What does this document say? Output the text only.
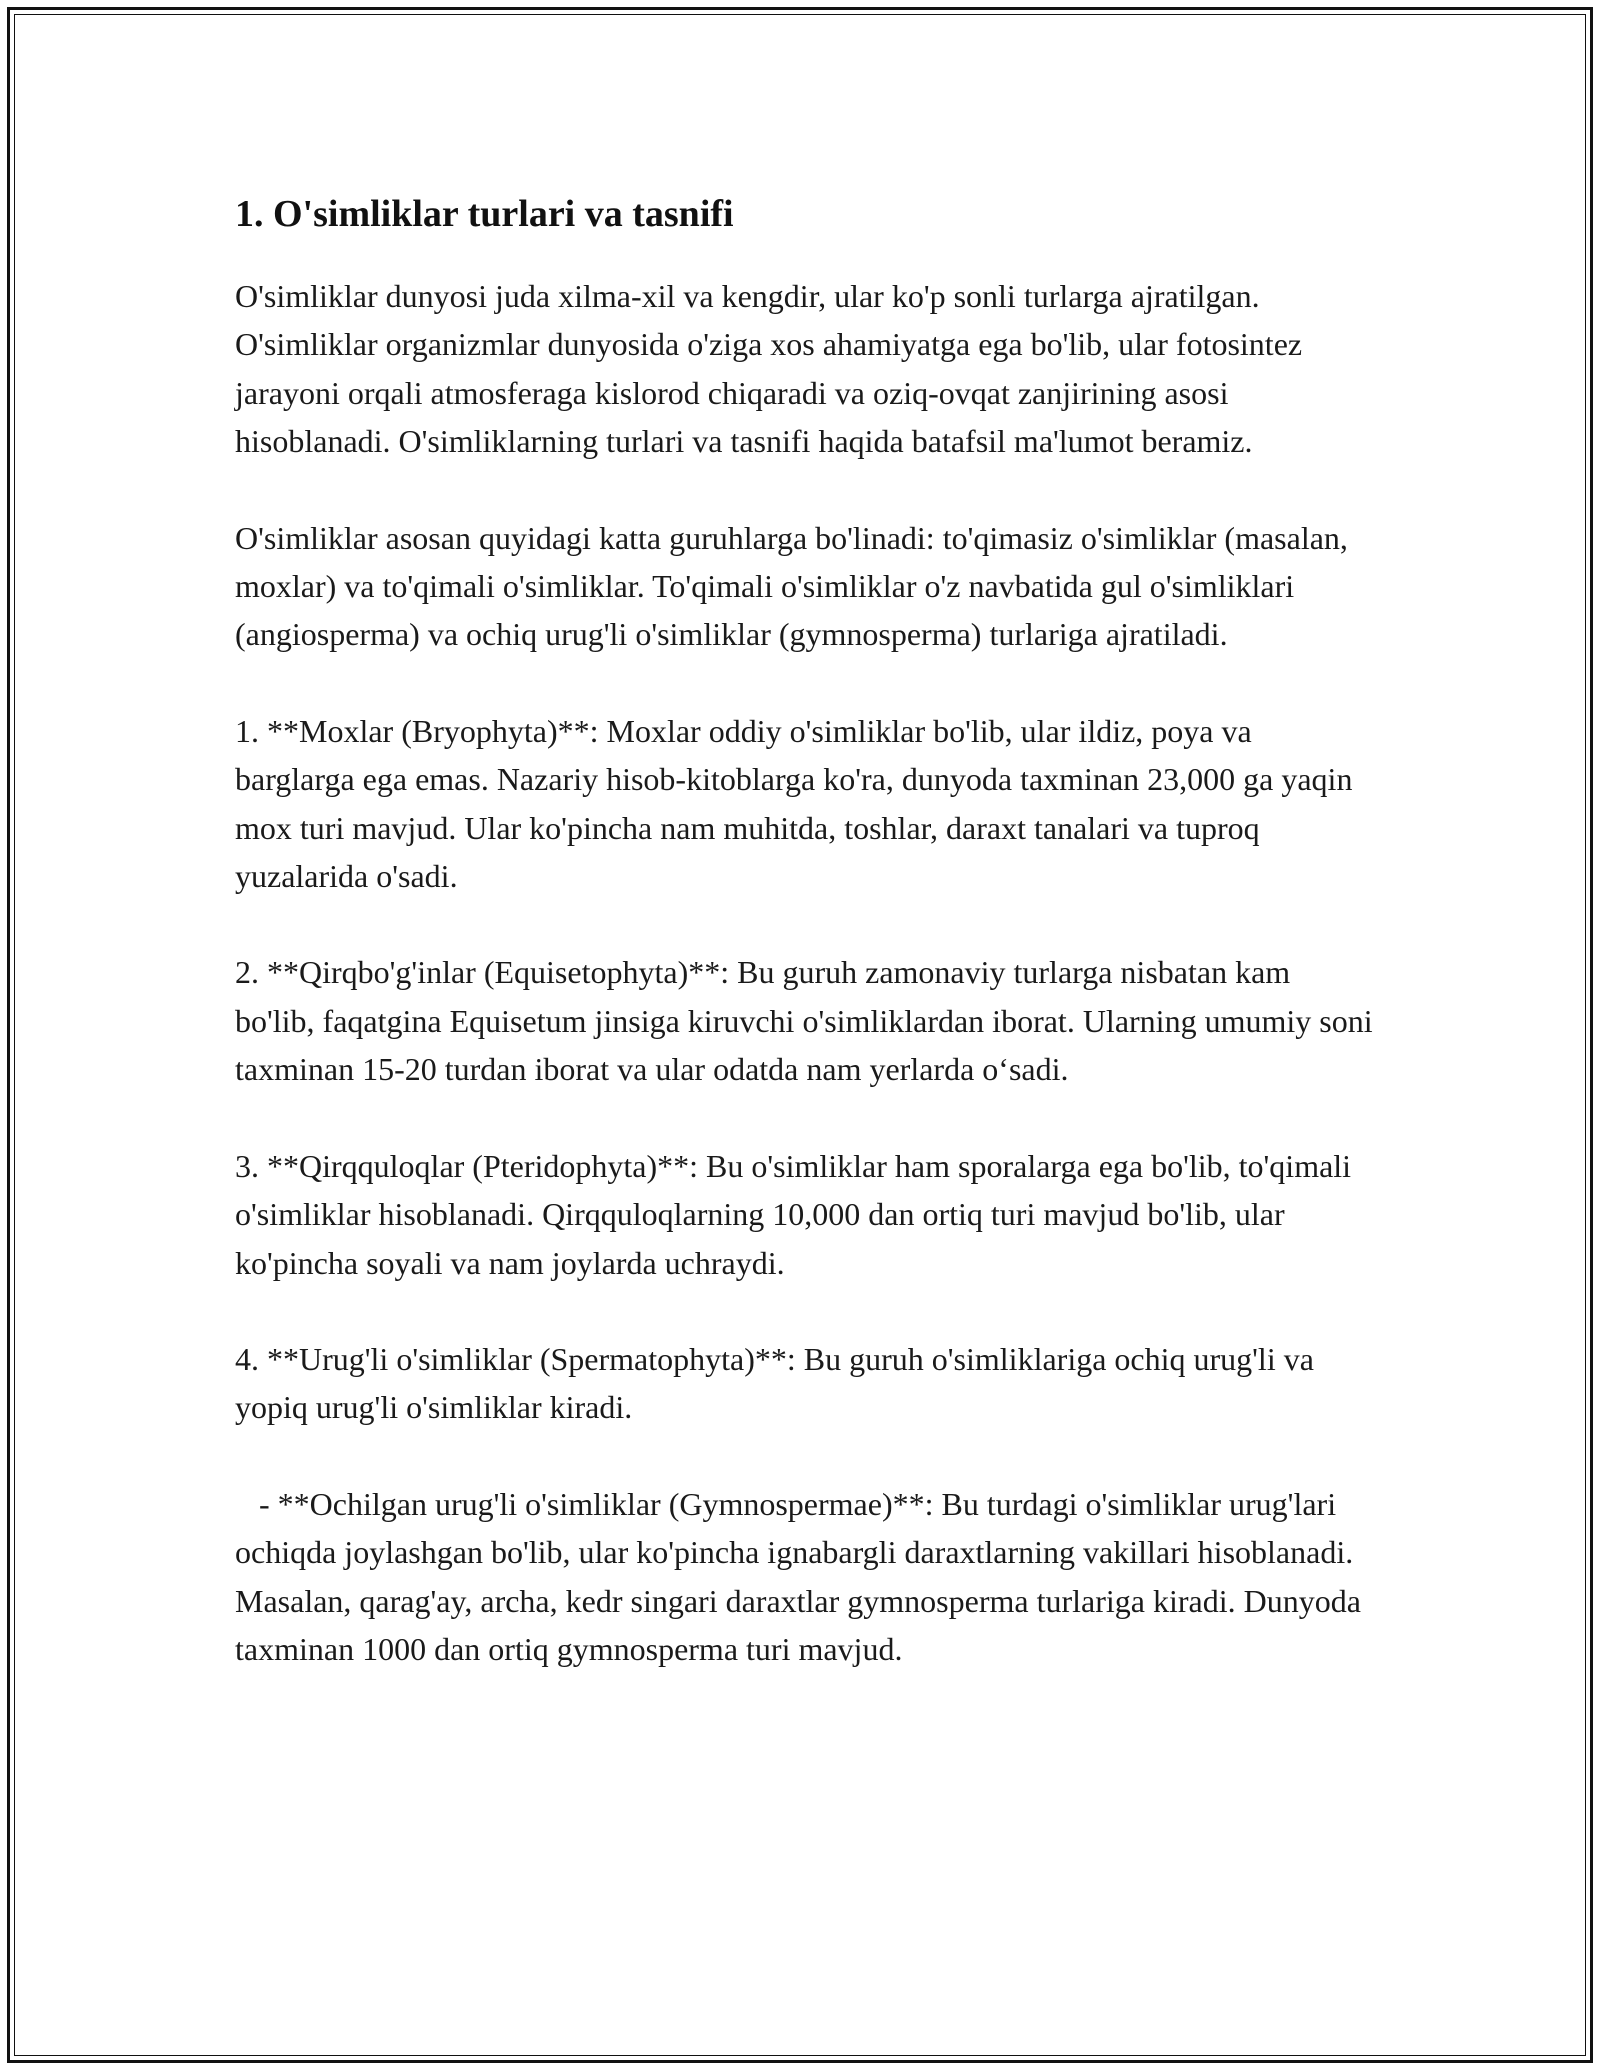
1. O'simliklar turlari va tasnifi

O'simliklar dunyosi juda xilma-xil va kengdir, ular ko'p sonli turlarga ajratilgan. O'simliklar organizmlar dunyosida o'ziga xos ahamiyatga ega bo'lib, ular fotosintez jarayoni orqali atmosferaga kislorod chiqaradi va oziq-ovqat zanjirining asosi hisoblanadi. O'simliklarning turlari va tasnifi haqida batafsil ma'lumot beramiz.

O'simliklar asosan quyidagi katta guruhlarga bo'linadi: to'qimasiz o'simliklar (masalan, moxlar) va to'qimali o'simliklar. To'qimali o'simliklar o'z navbatida gul o'simliklari (angiosperma) va ochiq urug'li o'simliklar (gymnosperma) turlariga ajratiladi.

1. **Moxlar (Bryophyta)**: Moxlar oddiy o'simliklar bo'lib, ular ildiz, poya va barglarga ega emas. Nazariy hisob-kitoblarga ko'ra, dunyoda taxminan 23,000 ga yaqin mox turi mavjud. Ular ko'pincha nam muhitda, toshlar, daraxt tanalari va tuproq yuzalarida o'sadi.

2. **Qirqbo'g'inlar (Equisetophyta)**: Bu guruh zamonaviy turlarga nisbatan kam bo'lib, faqatgina Equisetum jinsiga kiruvchi o'simliklardan iborat. Ularning umumiy soni taxminan 15-20 turdan iborat va ular odatda nam yerlarda o‘sadi.

3. **Qirqquloqlar (Pteridophyta)**: Bu o'simliklar ham sporalarga ega bo'lib, to'qimali o'simliklar hisoblanadi. Qirqquloqlarning 10,000 dan ortiq turi mavjud bo'lib, ular ko'pincha soyali va nam joylarda uchraydi.

4. **Urug'li o'simliklar (Spermatophyta)**: Bu guruh o'simliklariga ochiq urug'li va yopiq urug'li o'simliklar kiradi.

- **Ochilgan urug'li o'simliklar (Gymnospermae)**: Bu turdagi o'simliklar urug'lari ochiqda joylashgan bo'lib, ular ko'pincha ignabargli daraxtlarning vakillari hisoblanadi. Masalan, qarag'ay, archa, kedr singari daraxtlar gymnosperma turlariga kiradi. Dunyoda taxminan 1000 dan ortiq gymnosperma turi mavjud.
